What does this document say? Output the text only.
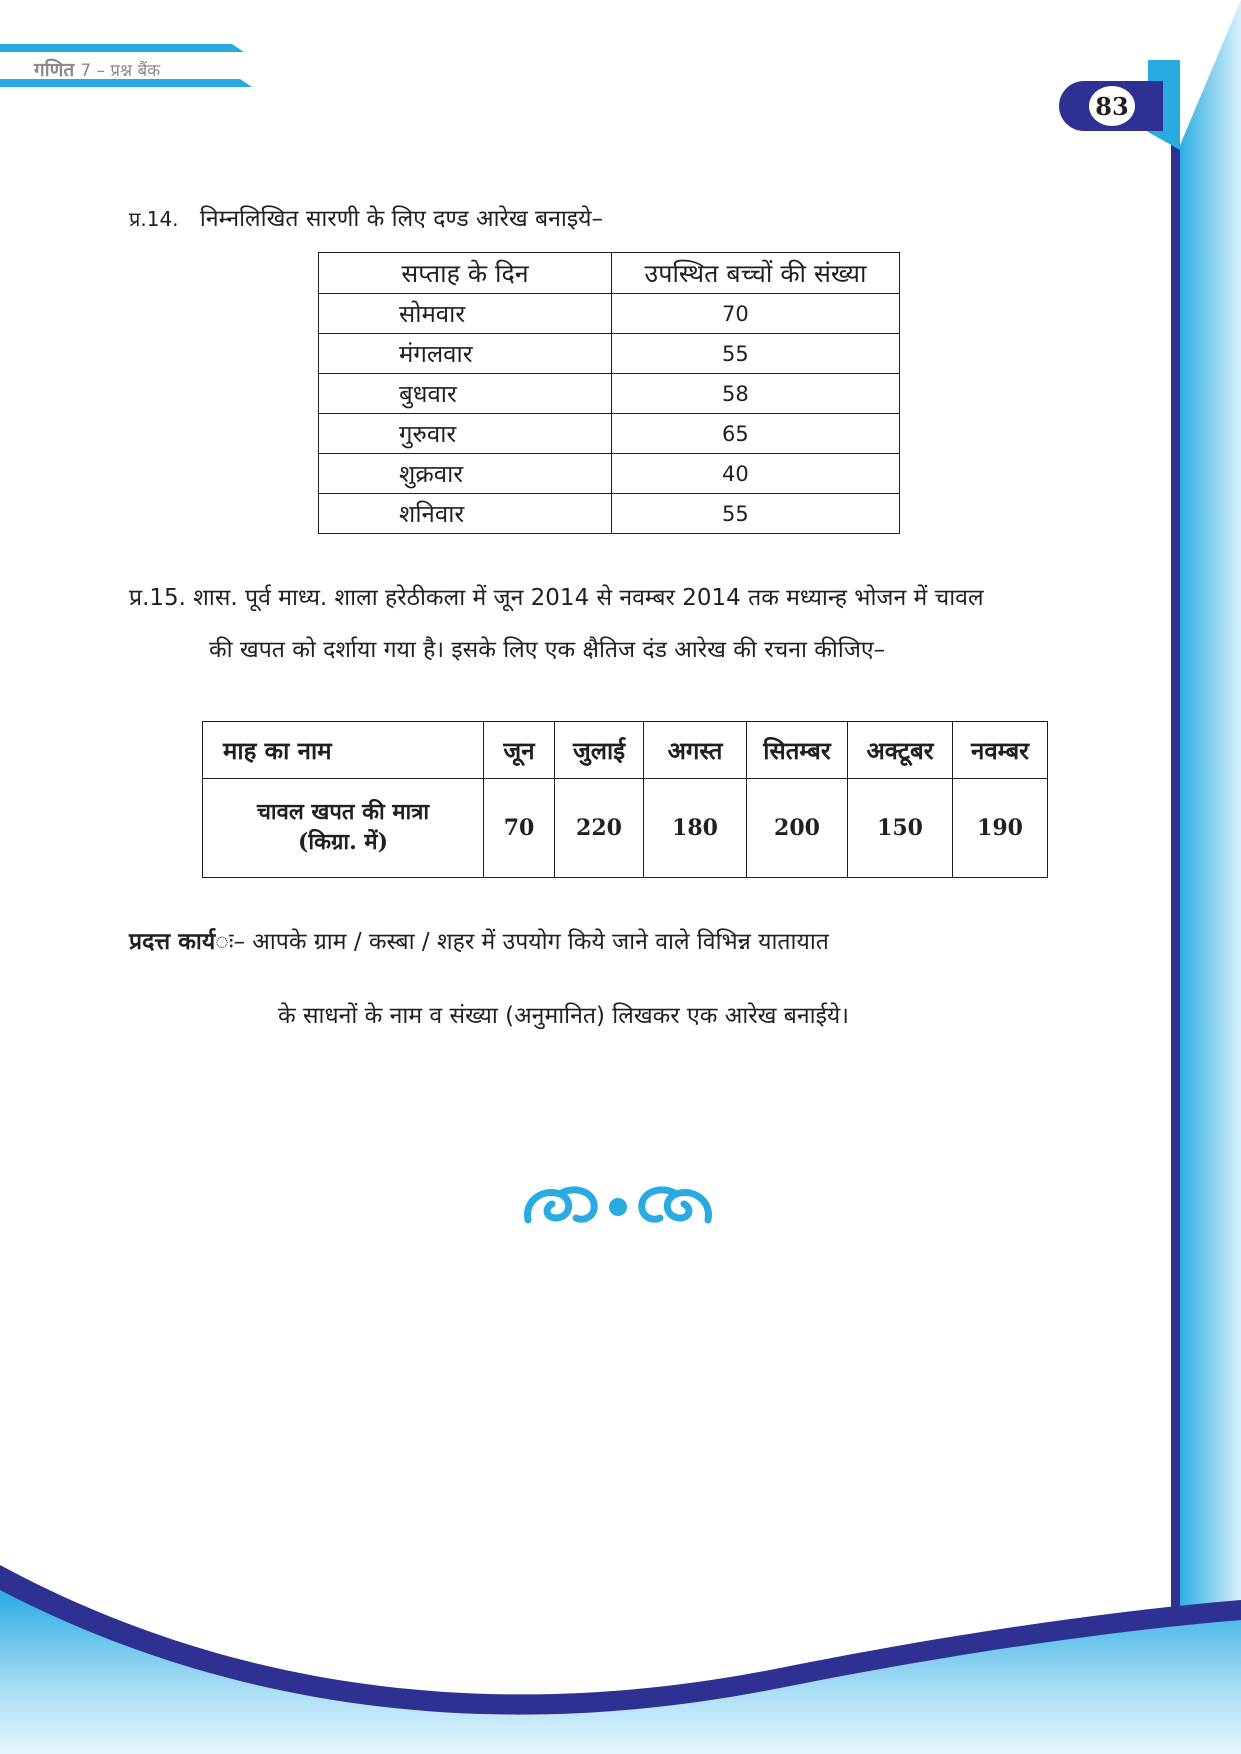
गणित 7 – प्रश्न बैंक
83
प्र.14. निम्नलिखित सारणी के लिए दण्ड आरेख बनाइये–
सप्ताह के दिन	उपस्थित बच्चों की संख्या
सोमवार	70
मंगलवार	55
बुधवार	58
गुरुवार	65
शुक्रवार	40
शनिवार	55
प्र.15. शास. पूर्व माध्य. शाला हरेठीकला में जून 2014 से नवम्बर 2014 तक मध्यान्ह भोजन में चावल
की खपत को दर्शाया गया है। इसके लिए एक क्षैतिज दंड आरेख की रचना कीजिए–
माह का नाम	जून	जुलाई	अगस्त	सितम्बर	अक्टूबर	नवम्बर

चावल खपत की मात्रा
(किग्रा. में)	70	220	180	200	150	190
प्रदत्त कार्यः– आपके ग्राम / कस्बा / शहर में उपयोग किये जाने वाले विभिन्न यातायात
के साधनों के नाम व संख्या (अनुमानित) लिखकर एक आरेख बनाईये।
